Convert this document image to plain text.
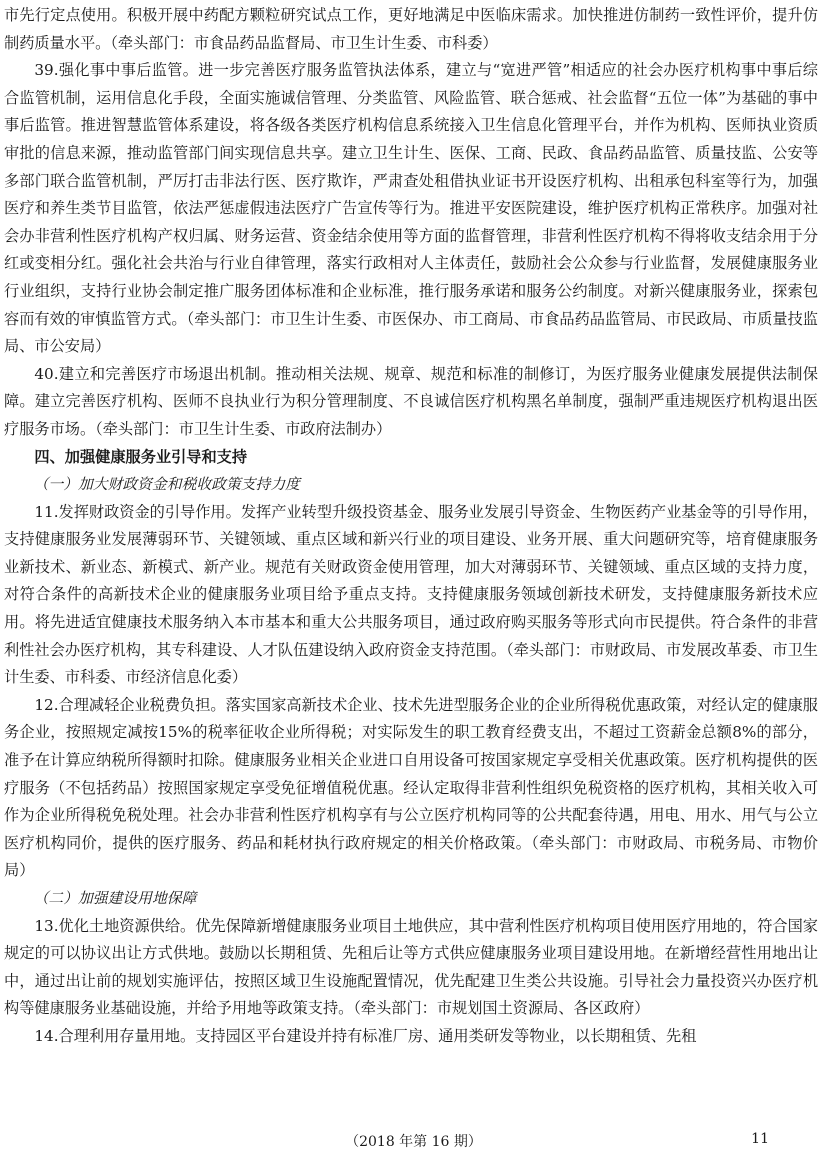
市先行定点使用。积极开展中药配方颗粒研究试点工作，更好地满足中医临床需求。加快推进仿制药一致性评价，提升仿制药质量水平。（牵头部门：市食品药品监督局、市卫生计生委、市科委）

39.强化事中事后监管。进一步完善医疗服务监管执法体系，建立与“宽进严管”相适应的社会办医疗机构事中事后综合监管机制，运用信息化手段，全面实施诚信管理、分类监管、风险监管、联合惩戒、社会监督“五位一体”为基础的事中事后监管。推进智慧监管体系建设，将各级各类医疗机构信息系统接入卫生信息化管理平台，并作为机构、医师执业资质审批的信息来源，推动监管部门间实现信息共享。建立卫生计生、医保、工商、民政、食品药品监管、质量技监、公安等多部门联合监管机制，严厉打击非法行医、医疗欺诈，严肃查处租借执业证书开设医疗机构、出租承包科室等行为，加强医疗和养生类节目监管，依法严惩虚假违法医疗广告宣传等行为。推进平安医院建设，维护医疗机构正常秩序。加强对社会办非营利性医疗机构产权归属、财务运营、资金结余使用等方面的监督管理，非营利性医疗机构不得将收支结余用于分红或变相分红。强化社会共治与行业自律管理，落实行政相对人主体责任，鼓励社会公众参与行业监督，发展健康服务业行业组织，支持行业协会制定推广服务团体标准和企业标准，推行服务承诺和服务公约制度。对新兴健康服务业，探索包容而有效的审慎监管方式。（牵头部门：市卫生计生委、市医保办、市工商局、市食品药品监管局、市民政局、市质量技监局、市公安局）

40.建立和完善医疗市场退出机制。推动相关法规、规章、规范和标准的制修订，为医疗服务业健康发展提供法制保障。建立完善医疗机构、医师不良执业行为积分管理制度、不良诚信医疗机构黑名单制度，强制严重违规医疗机构退出医疗服务市场。（牵头部门：市卫生计生委、市政府法制办）

四、加强健康服务业引导和支持

（一）加大财政资金和税收政策支持力度

11.发挥财政资金的引导作用。发挥产业转型升级投资基金、服务业发展引导资金、生物医药产业基金等的引导作用，支持健康服务业发展薄弱环节、关键领域、重点区域和新兴行业的项目建设、业务开展、重大问题研究等，培育健康服务业新技术、新业态、新模式、新产业。规范有关财政资金使用管理，加大对薄弱环节、关键领域、重点区域的支持力度，对符合条件的高新技术企业的健康服务业项目给予重点支持。支持健康服务领域创新技术研发，支持健康服务新技术应用。将先进适宜健康技术服务纳入本市基本和重大公共服务项目，通过政府购买服务等形式向市民提供。符合条件的非营利性社会办医疗机构，其专科建设、人才队伍建设纳入政府资金支持范围。（牵头部门：市财政局、市发展改革委、市卫生计生委、市科委、市经济信息化委）

12.合理减轻企业税费负担。落实国家高新技术企业、技术先进型服务企业的企业所得税优惠政策，对经认定的健康服务企业，按照规定减按15%的税率征收企业所得税；对实际发生的职工教育经费支出，不超过工资薪金总额8%的部分，准予在计算应纳税所得额时扣除。健康服务业相关企业进口自用设备可按国家规定享受相关优惠政策。医疗机构提供的医疗服务（不包括药品）按照国家规定享受免征增值税优惠。经认定取得非营利性组织免税资格的医疗机构，其相关收入可作为企业所得税免税处理。社会办非营利性医疗机构享有与公立医疗机构同等的公共配套待遇，用电、用水、用气与公立医疗机构同价，提供的医疗服务、药品和耗材执行政府规定的相关价格政策。（牵头部门：市财政局、市税务局、市物价局）

（二）加强建设用地保障

13.优化土地资源供给。优先保障新增健康服务业项目土地供应，其中营利性医疗机构项目使用医疗用地的，符合国家规定的可以协议出让方式供地。鼓励以长期租赁、先租后让等方式供应健康服务业项目建设用地。在新增经营性用地出让中，通过出让前的规划实施评估，按照区域卫生设施配置情况，优先配建卫生类公共设施。引导社会力量投资兴办医疗机构等健康服务业基础设施，并给予用地等政策支持。（牵头部门：市规划国土资源局、各区政府）

14.合理利用存量用地。支持园区平台建设并持有标准厂房、通用类研发等物业，以长期租赁、先租

（2018 年第 16 期）	11
